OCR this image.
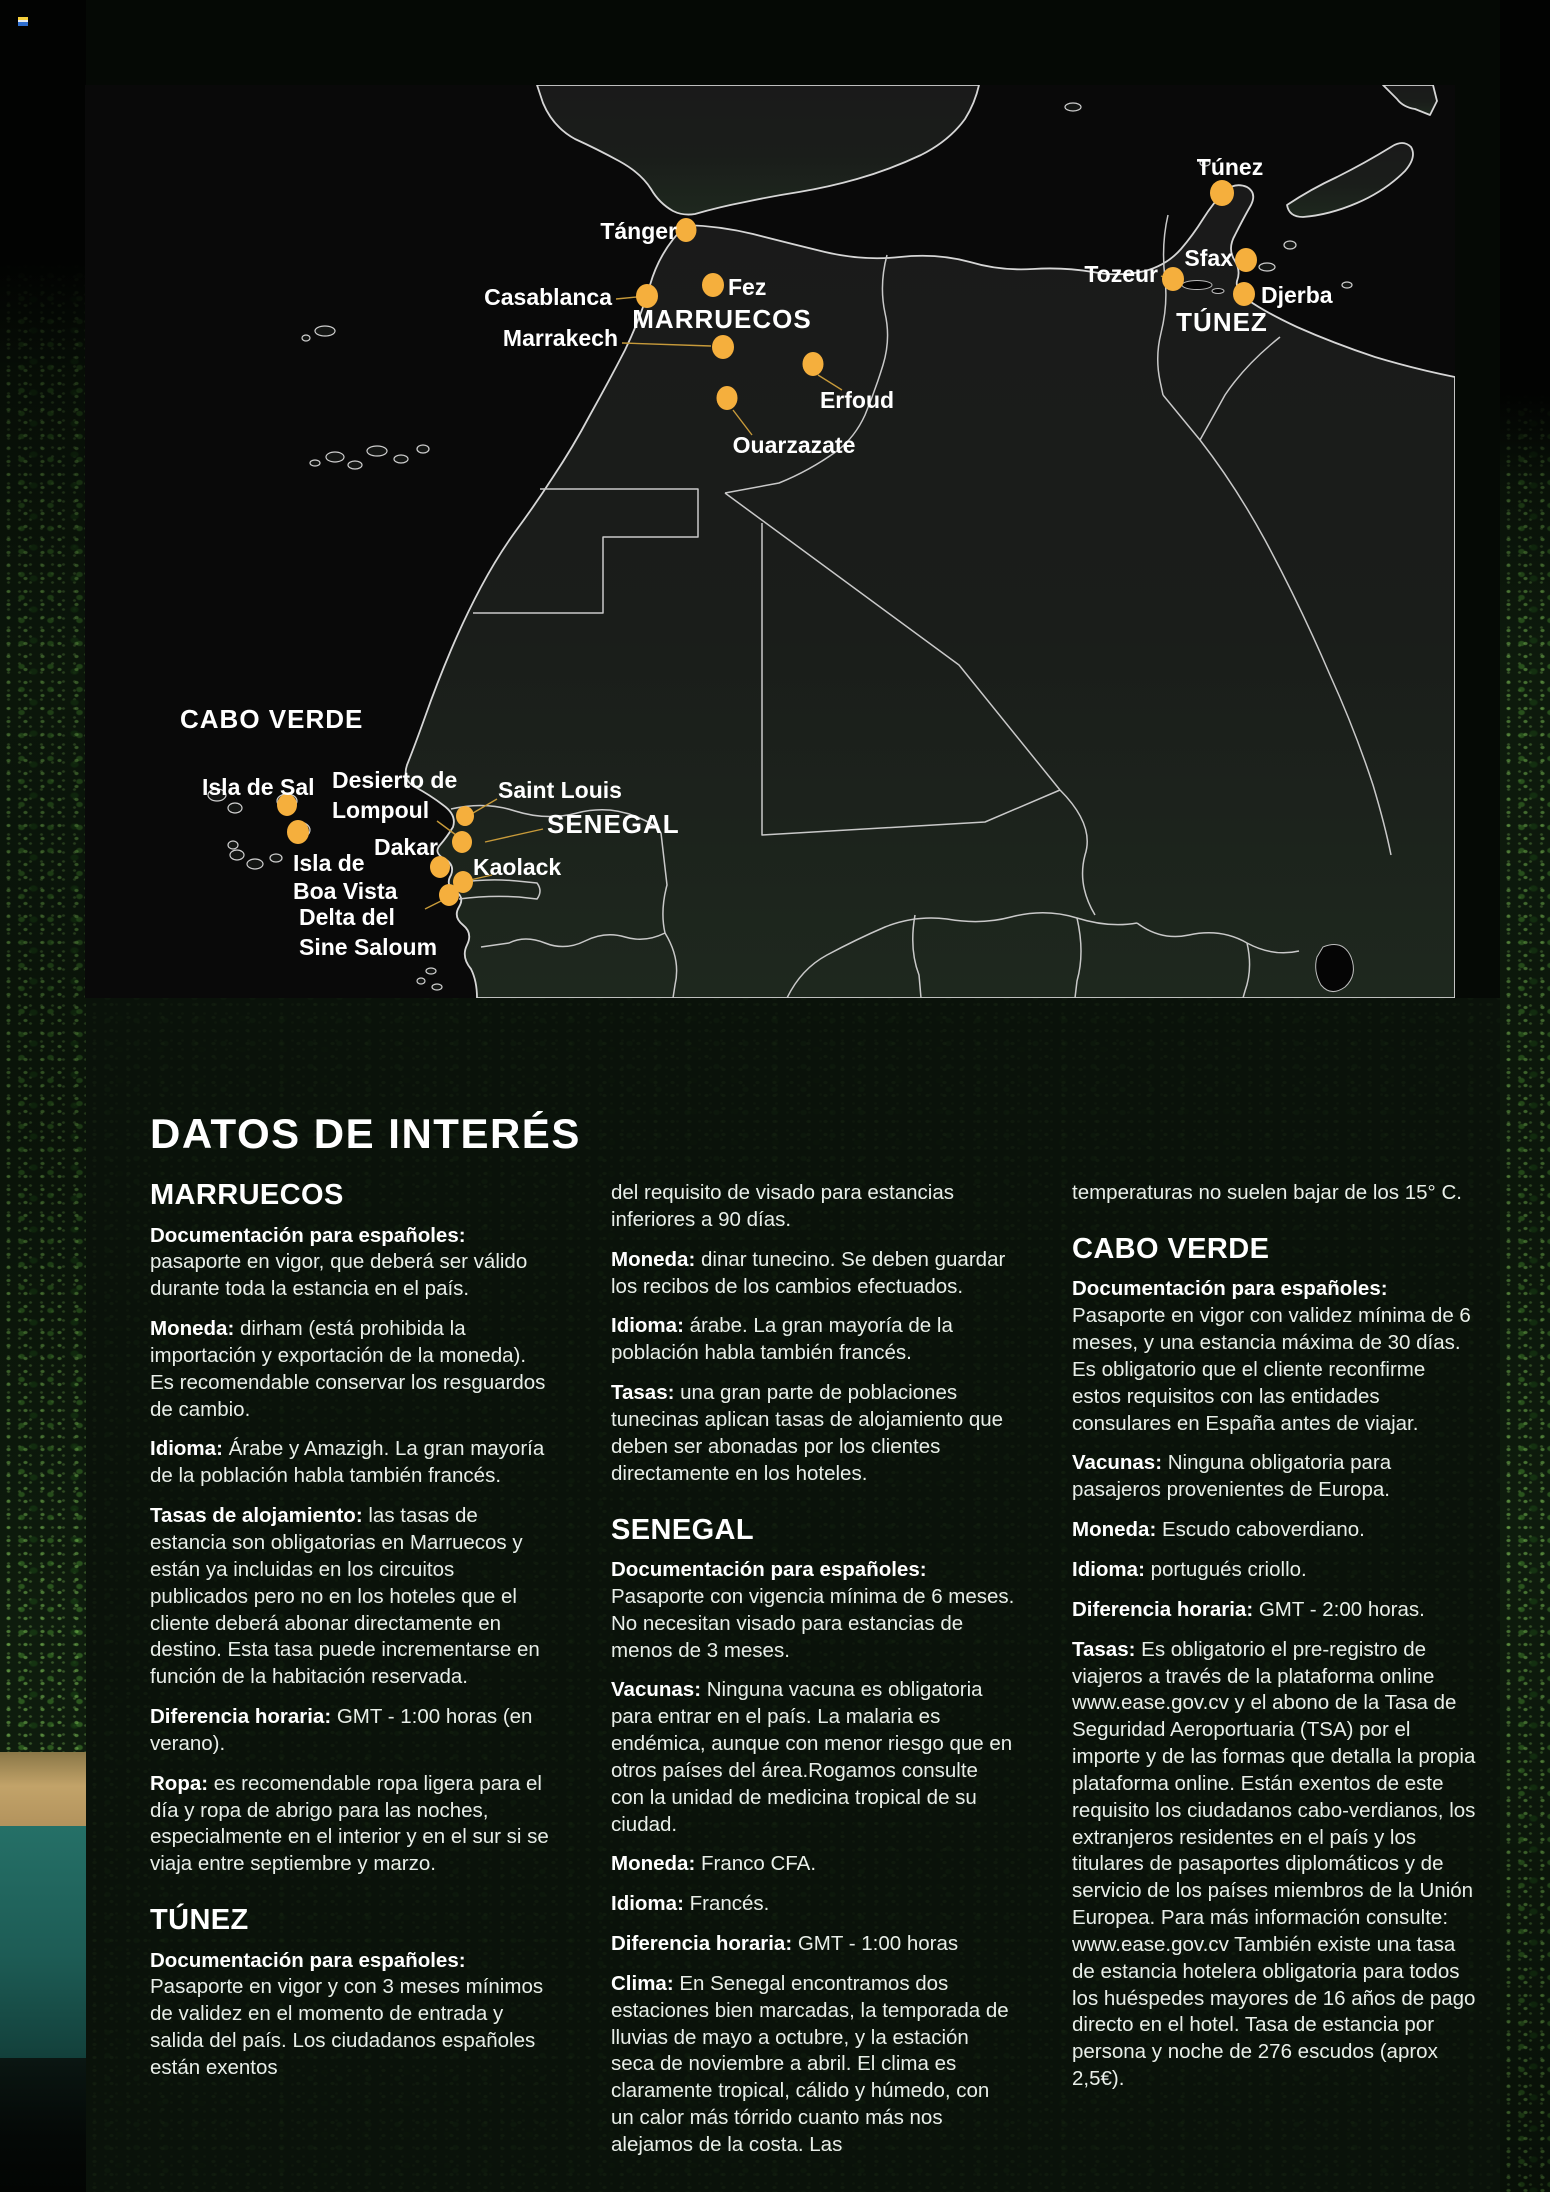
Tánger
Casablanca	Fez
MARRUECOS
Marrakech
Erfoud
Ouarzazate
Túnez
Tozeur
Sfax
Djerba
TÚNEZ
CABO VERDE
Isla de Sal Desierto de
Lompoul
Saint Louis
SENEGAL
Dakar
Kaolack
Isla de
Boa Vista
Delta del
Sine Saloum
DATOS DE INTERÉS
MARRUECOS

Documentación para españoles:pasaporte en vigor, que deberá ser válido durante toda la estancia en el país.

Moneda: dirham (está prohibida la importación y exportación de la moneda). Es recomendable conservar los resguardos de cambio.

Idioma: Árabe y Amazigh. La gran mayoría de la población habla también francés.

Tasas de alojamiento: las tasas de estancia son obligatorias en Marruecos y están ya incluidas en los circuitos publicados pero no en los hoteles que el cliente deberá abonar directamente en destino. Esta tasa puede incrementarse en función de la habitación reservada.

Diferencia horaria: GMT - 1:00 horas (en verano).

Ropa: es recomendable ropa ligera para el día y ropa de abrigo para las noches, especialmente en el interior y en el sur si se viaja entre septiembre y marzo.

TÚNEZ

Documentación para españoles:Pasaporte en vigor y con 3 meses mínimos de validez en el momento de entrada y salida del país. Los ciudadanos españoles están exentos

del requisito de visado para estancias inferiores a 90 días.

Moneda: dinar tunecino. Se deben guardar los recibos de los cambios efectuados.

Idioma: árabe. La gran mayoría de la población habla también francés.

Tasas: una gran parte de poblaciones tunecinas aplican tasas de alojamiento que deben ser abonadas por los clientes directamente en los hoteles.

SENEGAL

Documentación para españoles:Pasaporte con vigencia mínima de 6 meses. No necesitan visado para estancias de menos de 3 meses.

Vacunas: Ninguna vacuna es obligatoria para entrar en el país. La malaria es endémica, aunque con menor riesgo que en otros países del área.Rogamos consulte con la unidad de medicina tropical de su ciudad.

Moneda: Franco CFA.

Idioma: Francés.

Diferencia horaria: GMT - 1:00 horas

Clima: En Senegal encontramos dos estaciones bien marcadas, la temporada de lluvias de mayo a octubre, y la estación seca de noviembre a abril. El clima es claramente tropical, cálido y húmedo, con un calor más tórrido cuanto más nos alejamos de la costa. Las

temperaturas no suelen bajar de los 15° C.

CABO VERDE

Documentación para españoles:Pasaporte en vigor con validez mínima de 6 meses, y una estancia máxima de 30 días. Es obligatorio que el cliente reconfirme estos requisitos con las entidades consulares en España antes de viajar.

Vacunas: Ninguna obligatoria para pasajeros provenientes de Europa.

Moneda: Escudo caboverdiano.

Idioma: portugués criollo.

Diferencia horaria: GMT - 2:00 horas.

Tasas: Es obligatorio el pre-registro de viajeros a través de la plataforma online www.ease.gov.cv y el abono de la Tasa de Seguridad Aeroportuaria (TSA) por el importe y de las formas que detalla la propia plataforma online. Están exentos de este requisito los ciudadanos cabo-verdianos, los extranjeros residentes en el país y los titulares de pasaportes diplomáticos y de servicio de los países miembros de la Unión Europea. Para más información consulte: www.ease.gov.cv También existe una tasa de estancia hotelera obligatoria para todos los huéspedes mayores de 16 años de pago directo en el hotel. Tasa de estancia por persona y noche de 276 escudos (aprox 2,5€).
